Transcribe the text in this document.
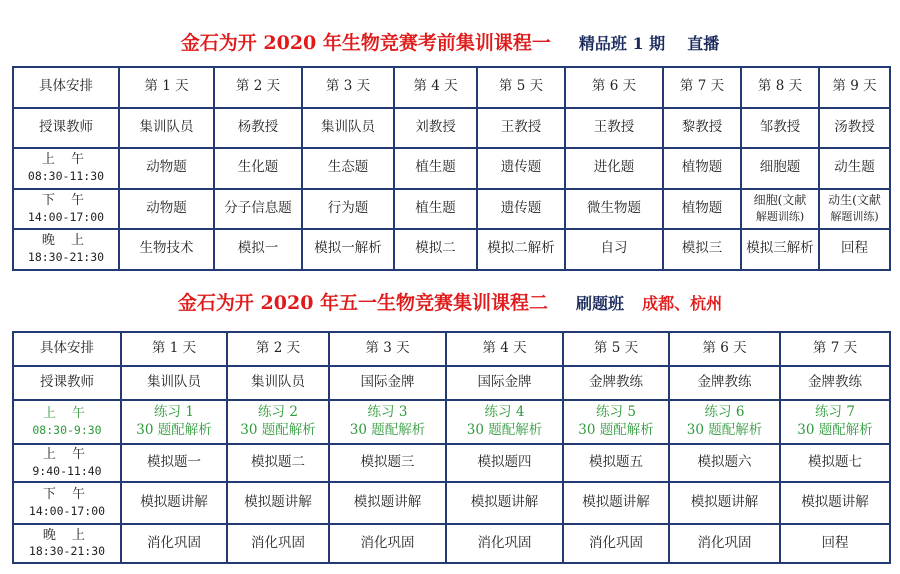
金石为开 2020 年生物竞赛考前集训课程一 精品班 1 期 直播
具体安排	第 1 天	第 2 天	第 3 天	第 4 天	第 5 天	第 6 天	第 7 天	第 8 天	第 9 天
授课教师	集训队员	杨教授	集训队员	刘教授	王教授	王教授	黎教授	邹教授	汤教授

上 午
08:30-11:30	动物题	生化题	生态题	植生题	遗传题	进化题	植物题	细胞题	动生题

下 午
14:00-17:00	动物题	分子信息题	行为题	植生题	遗传题	微生物题	植物题	细胞(文献
解题训练)	动生(文献
解题训练)

晚 上
18:30-21:30	生物技术	模拟一	模拟一解析	模拟二	模拟二解析	自习	模拟三	模拟三解析	回程
金石为开 2020 年五一生物竞赛集训课程二 刷题班 成都、杭州
具体安排	第 1 天	第 2 天	第 3 天	第 4 天	第 5 天	第 6 天	第 7 天
授课教师	集训队员	集训队员	国际金牌	国际金牌	金牌教练	金牌教练	金牌教练

上 午
08:30-9:30	练习 1
30 题配解析	练习 2
30 题配解析	练习 3
30 题配解析	练习 4
30 题配解析	练习 5
30 题配解析	练习 6
30 题配解析	练习 7
30 题配解析

上 午
9:40-11:40	模拟题一	模拟题二	模拟题三	模拟题四	模拟题五	模拟题六	模拟题七

下 午
14:00-17:00	模拟题讲解	模拟题讲解	模拟题讲解	模拟题讲解	模拟题讲解	模拟题讲解	模拟题讲解

晚 上
18:30-21:30	消化巩固	消化巩固	消化巩固	消化巩固	消化巩固	消化巩固	回程
